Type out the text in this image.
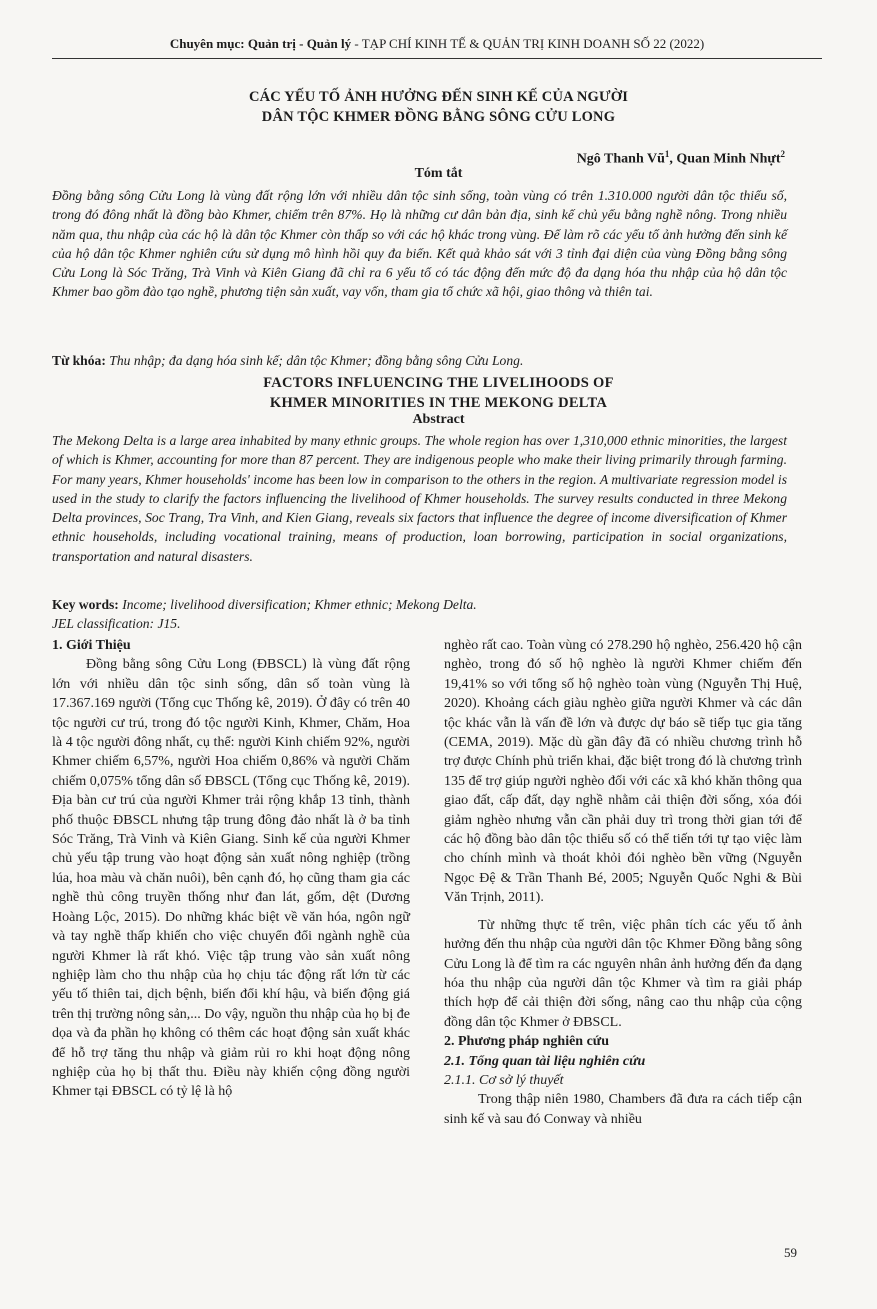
Chuyên mục: Quản trị - Quản lý - TẠP CHÍ KINH TẾ & QUẢN TRỊ KINH DOANH SỐ 22 (2022)
CÁC YẾU TỐ ẢNH HƯỞNG ĐẾN SINH KẾ CỦA NGƯỜI
DÂN TỘC KHMER ĐỒNG BẰNG SÔNG CỬU LONG
Ngô Thanh $Vũ^1$, Quan Minh Nhựt$^2$
Tóm tắt

Đồng bằng sông Cửu Long là vùng đất rộng lớn với nhiều dân tộc sinh sống, toàn vùng có trên 1.310.000 người dân tộc thiểu số, trong đó đông nhất là đồng bào Khmer, chiếm trên 87%. Họ là những cư dân bản địa, sinh kế chủ yếu bằng nghề nông. Trong nhiều năm qua, thu nhập của các hộ là dân tộc Khmer còn thấp so với các hộ khác trong vùng. Để làm rõ các yếu tố ảnh hưởng đến sinh kế của hộ dân tộc Khmer nghiên cứu sử dụng mô hình hồi quy đa biến. Kết quả khảo sát với 3 tỉnh đại diện của vùng Đồng bằng sông Cửu Long là Sóc Trăng, Trà Vinh và Kiên Giang đã chỉ ra 6 yếu tố có tác động đến mức độ đa dạng hóa thu nhập của hộ dân tộc Khmer bao gồm đào tạo nghề, phương tiện sản xuất, vay vốn, tham gia tổ chức xã hội, giao thông và thiên tai.

Từ khóa: Thu nhập; đa dạng hóa sinh kế; dân tộc Khmer; đồng bằng sông Cửu Long.
FACTORS INFLUENCING THE LIVELIHOODS OF
KHMER MINORITIES IN THE MEKONG DELTA
Abstract

The Mekong Delta is a large area inhabited by many ethnic groups. The whole region has over 1,310,000 ethnic minorities, the largest of which is Khmer, accounting for more than 87 percent. They are indigenous people who make their living primarily through farming. For many years, Khmer households' income has been low in comparison to the others in the region. A multivariate regression model is used in the study to clarify the factors influencing the livelihood of Khmer households. The survey results conducted in three Mekong Delta provinces, Soc Trang, Tra Vinh, and Kien Giang, reveals six factors that influence the degree of income diversification of Khmer ethnic households, including vocational training, means of production, loan borrowing, participation in social organizations, transportation and natural disasters.

Key words: Income; livelihood diversification; Khmer ethnic; Mekong Delta.
JEL classification: J15.

1. Giới Thiệu

Đồng bằng sông Cửu Long (ĐBSCL) là vùng đất rộng lớn với nhiều dân tộc sinh sống, dân số toàn vùng là 17.367.169 người (Tổng cục Thống kê, 2019). Ở đây có trên 40 tộc người cư trú, trong đó tộc người Kinh, Khmer, Chăm, Hoa là 4 tộc người đông nhất, cụ thể: người Kinh chiếm 92%, người Khmer chiếm 6,57%, người Hoa chiếm 0,86% và người Chăm chiếm 0,075% tổng dân số ĐBSCL (Tổng cục Thống kê, 2019). Địa bàn cư trú của người Khmer trải rộng khắp 13 tỉnh, thành phố thuộc ĐBSCL nhưng tập trung đông đảo nhất là ở ba tỉnh Sóc Trăng, Trà Vinh và Kiên Giang. Sinh kế của người Khmer chủ yếu tập trung vào hoạt động sản xuất nông nghiệp (trồng lúa, hoa màu và chăn nuôi), bên cạnh đó, họ cũng tham gia các nghề thủ công truyền thống như đan lát, gốm, dệt (Dương Hoàng Lộc, 2015). Do những khác biệt về văn hóa, ngôn ngữ và tay nghề thấp khiến cho việc chuyển đổi ngành nghề của người Khmer là rất khó. Việc tập trung vào sản xuất nông nghiệp làm cho thu nhập của họ chịu tác động rất lớn từ các yếu tố thiên tai, dịch bệnh, biến đổi khí hậu, và biến động giá trên thị trường nông sản,... Do vậy, nguồn thu nhập của họ bị đe dọa và đa phần họ không có thêm các hoạt động sản xuất khác để hỗ trợ tăng thu nhập và giảm rủi ro khi hoạt động nông nghiệp của họ bị thất thu. Điều này khiến cộng đồng người Khmer tại ĐBSCL có tỷ lệ là hộ

nghèo rất cao. Toàn vùng có 278.290 hộ nghèo, 256.420 hộ cận nghèo, trong đó số hộ nghèo là người Khmer chiếm đến 19,41% so với tổng số hộ nghèo toàn vùng (Nguyễn Thị Huệ, 2020). Khoảng cách giàu nghèo giữa người Khmer và các dân tộc khác vẫn là vấn đề lớn và được dự báo sẽ tiếp tục gia tăng (CEMA, 2019). Mặc dù gần đây đã có nhiều chương trình hỗ trợ được Chính phủ triển khai, đặc biệt trong đó là chương trình 135 để trợ giúp người nghèo đối với các xã khó khăn thông qua giao đất, cấp đất, dạy nghề nhằm cải thiện đời sống, xóa đói giảm nghèo nhưng vẫn cần phải duy trì trong thời gian tới để các hộ đồng bào dân tộc thiểu số có thể tiến tới tự tạo việc làm cho chính mình và thoát khỏi đói nghèo bền vững (Nguyễn Ngọc Đệ & Trần Thanh Bé, 2005; Nguyễn Quốc Nghi & Bùi Văn Trịnh, 2011).

Từ những thực tế trên, việc phân tích các yếu tố ảnh hưởng đến thu nhập của người dân tộc Khmer Đồng bằng sông Cửu Long là để tìm ra các nguyên nhân ảnh hưởng đến đa dạng hóa thu nhập của người dân tộc Khmer và tìm ra giải pháp thích hợp để cải thiện đời sống, nâng cao thu nhập của cộng đồng dân tộc Khmer ở ĐBSCL.

2. Phương pháp nghiên cứu

2.1. Tổng quan tài liệu nghiên cứu

2.1.1. Cơ sở lý thuyết

Trong thập niên 1980, Chambers đã đưa ra cách tiếp cận sinh kế và sau đó Conway và nhiều

59
